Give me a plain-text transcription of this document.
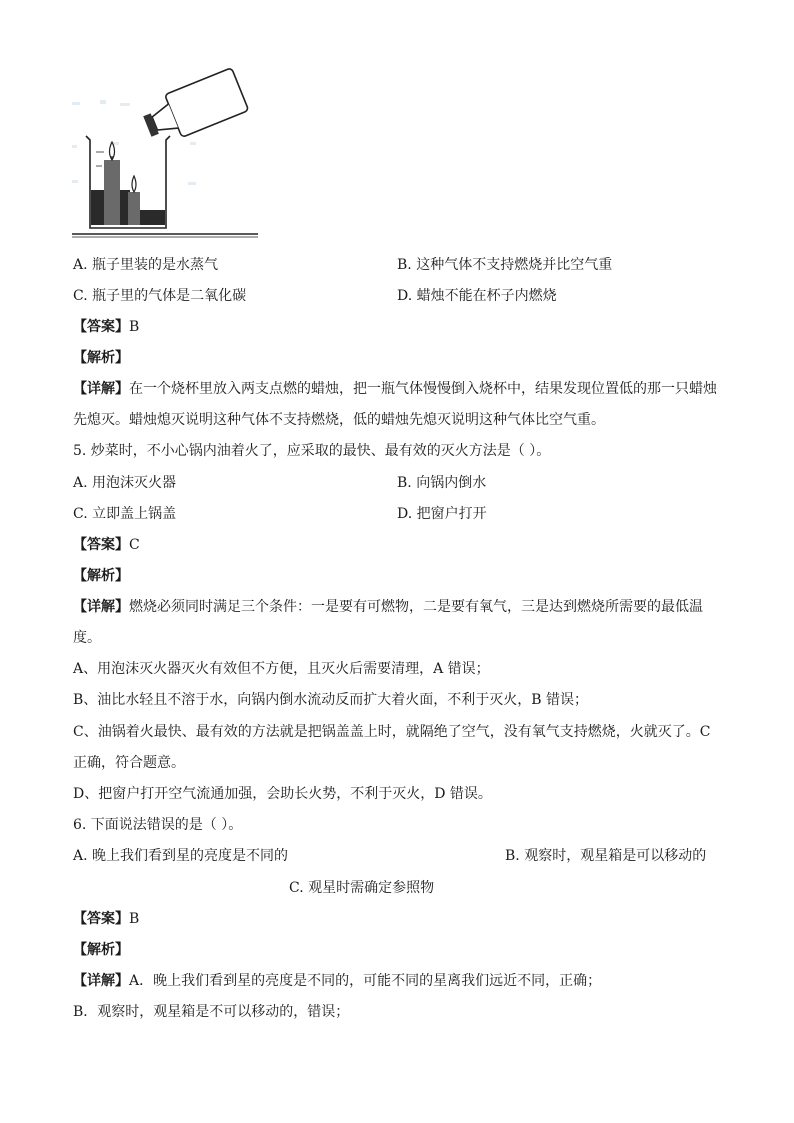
A. 瓶子里装的是水蒸气	B. 这种气体不支持燃烧并比空气重
C. 瓶子里的气体是二氧化碳	D. 蜡烛不能在杯子内燃烧
【答案】B
【解析】
【详解】在一个烧杯里放入两支点燃的蜡烛，把一瓶气体慢慢倒入烧杯中，结果发现位置低的那一只蜡烛
先熄灭。蜡烛熄灭说明这种气体不支持燃烧，低的蜡烛先熄灭说明这种气体比空气重。
5. 炒菜时，不小心锅内油着火了，应采取的最快、最有效的灭火方法是（ ）。
A. 用泡沫灭火器	B. 向锅内倒水
C. 立即盖上锅盖	D. 把窗户打开
【答案】C
【解析】
【详解】燃烧必须同时满足三个条件：一是要有可燃物，二是要有氧气，三是达到燃烧所需要的最低温
度。
A、用泡沫灭火器灭火有效但不方便，且灭火后需要清理，A 错误；
B、油比水轻且不溶于水，向锅内倒水流动反而扩大着火面，不利于灭火，B 错误；
C、油锅着火最快、最有效的方法就是把锅盖盖上时，就隔绝了空气，没有氧气支持燃烧，火就灭了。C
正确，符合题意。
D、把窗户打开空气流通加强，会助长火势，不利于灭火，D 错误。
6. 下面说法错误的是（ ）。
A. 晚上我们看到星的亮度是不同的	B. 观察时，观星箱是可以移动的
C. 观星时需确定参照物
【答案】B
【解析】
【详解】A．晚上我们看到星的亮度是不同的，可能不同的星离我们远近不同，正确；
B．观察时，观星箱是不可以移动的，错误；
